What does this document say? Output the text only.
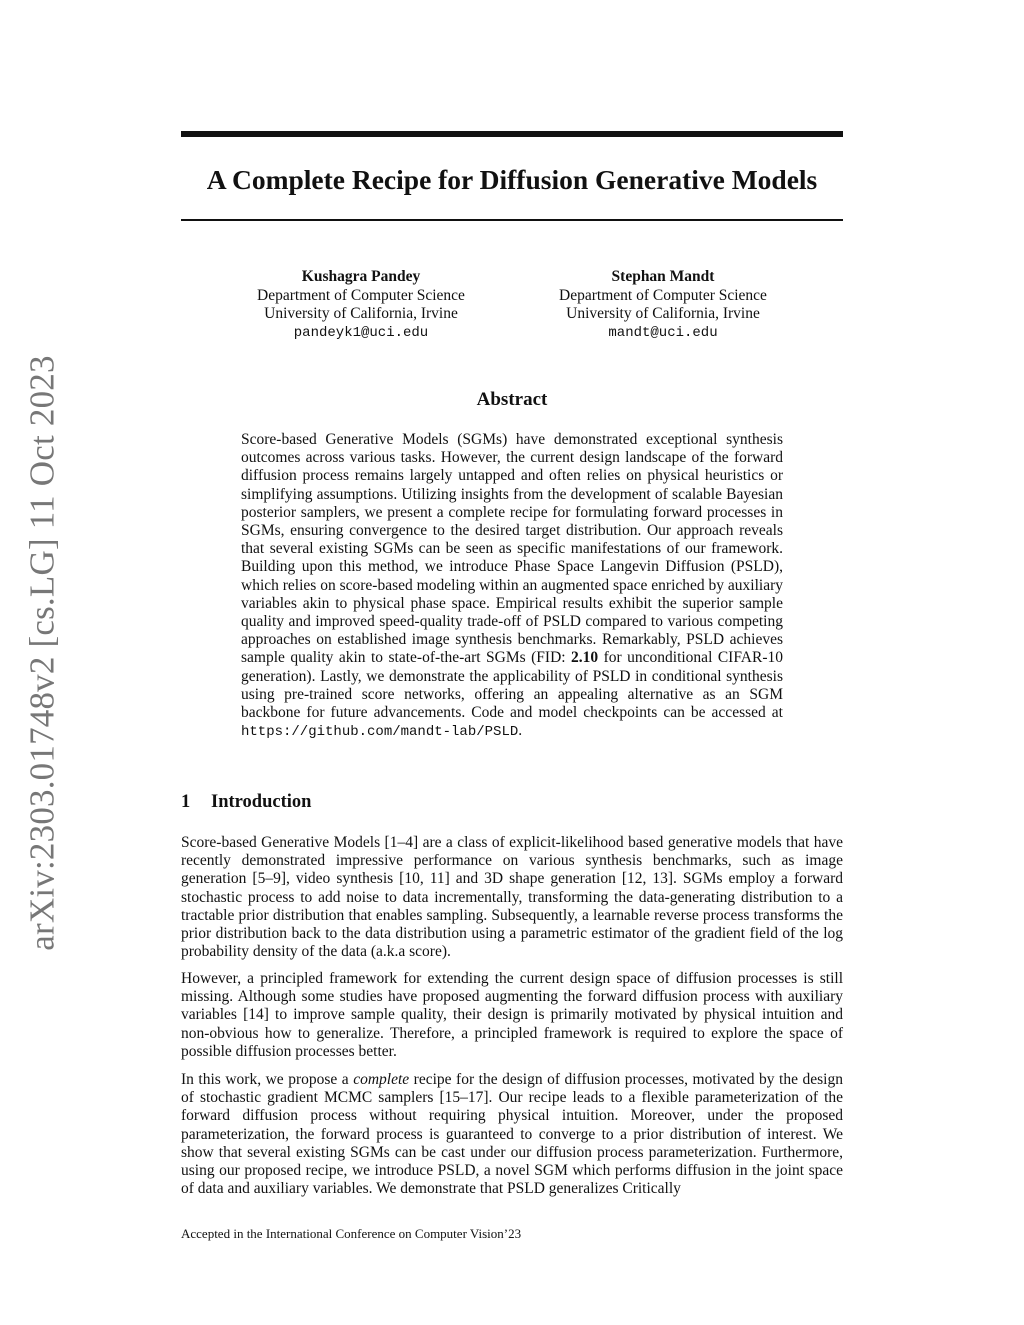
arXiv:2303.01748v2 [cs.LG] 11 Oct 2023
A Complete Recipe for Diffusion Generative Models
Kushagra Pandey
Department of Computer Science
University of California, Irvine
pandeyk1@uci.edu
Stephan Mandt
Department of Computer Science
University of California, Irvine
mandt@uci.edu
Abstract

Score-based Generative Models (SGMs) have demonstrated exceptional synthesis outcomes across various tasks. However, the current design landscape of the forward diffusion process remains largely untapped and often relies on physical heuristics or simplifying assumptions. Utilizing insights from the development of scalable Bayesian posterior samplers, we present a complete recipe for formulating forward processes in SGMs, ensuring convergence to the desired target distribution. Our approach reveals that several existing SGMs can be seen as specific manifestations of our framework. Building upon this method, we introduce Phase Space Langevin Diffusion (PSLD), which relies on score-based modeling within an augmented space enriched by auxiliary variables akin to physical phase space. Empirical results exhibit the superior sample quality and improved speed-quality trade-off of PSLD compared to various competing approaches on established image synthesis benchmarks. Remarkably, PSLD achieves sample quality akin to state-of-the-art SGMs (FID: 2.10 for unconditional CIFAR-10 generation). Lastly, we demonstrate the applicability of PSLD in conditional synthesis using pre-trained score networks, offering an appealing alternative as an SGM backbone for future advancements. Code and model checkpoints can be accessed at https://github.com/mandt-lab/PSLD.

1 Introduction

Score-based Generative Models [1–4] are a class of explicit-likelihood based generative models that have recently demonstrated impressive performance on various synthesis benchmarks, such as image generation [5–9], video synthesis [10, 11] and 3D shape generation [12, 13]. SGMs employ a forward stochastic process to add noise to data incrementally, transforming the data-generating distribution to a tractable prior distribution that enables sampling. Subsequently, a learnable reverse process transforms the prior distribution back to the data distribution using a parametric estimator of the gradient field of the log probability density of the data (a.k.a score).

However, a principled framework for extending the current design space of diffusion processes is still missing. Although some studies have proposed augmenting the forward diffusion process with auxiliary variables [14] to improve sample quality, their design is primarily motivated by physical intuition and non-obvious how to generalize. Therefore, a principled framework is required to explore the space of possible diffusion processes better.

In this work, we propose a complete recipe for the design of diffusion processes, motivated by the design of stochastic gradient MCMC samplers [15–17]. Our recipe leads to a flexible parameterization of the forward diffusion process without requiring physical intuition. Moreover, under the proposed parameterization, the forward process is guaranteed to converge to a prior distribution of interest. We show that several existing SGMs can be cast under our diffusion process parameterization. Furthermore, using our proposed recipe, we introduce PSLD, a novel SGM which performs diffusion in the joint space of data and auxiliary variables. We demonstrate that PSLD generalizes Critically

Accepted in the International Conference on Computer Vision’23
